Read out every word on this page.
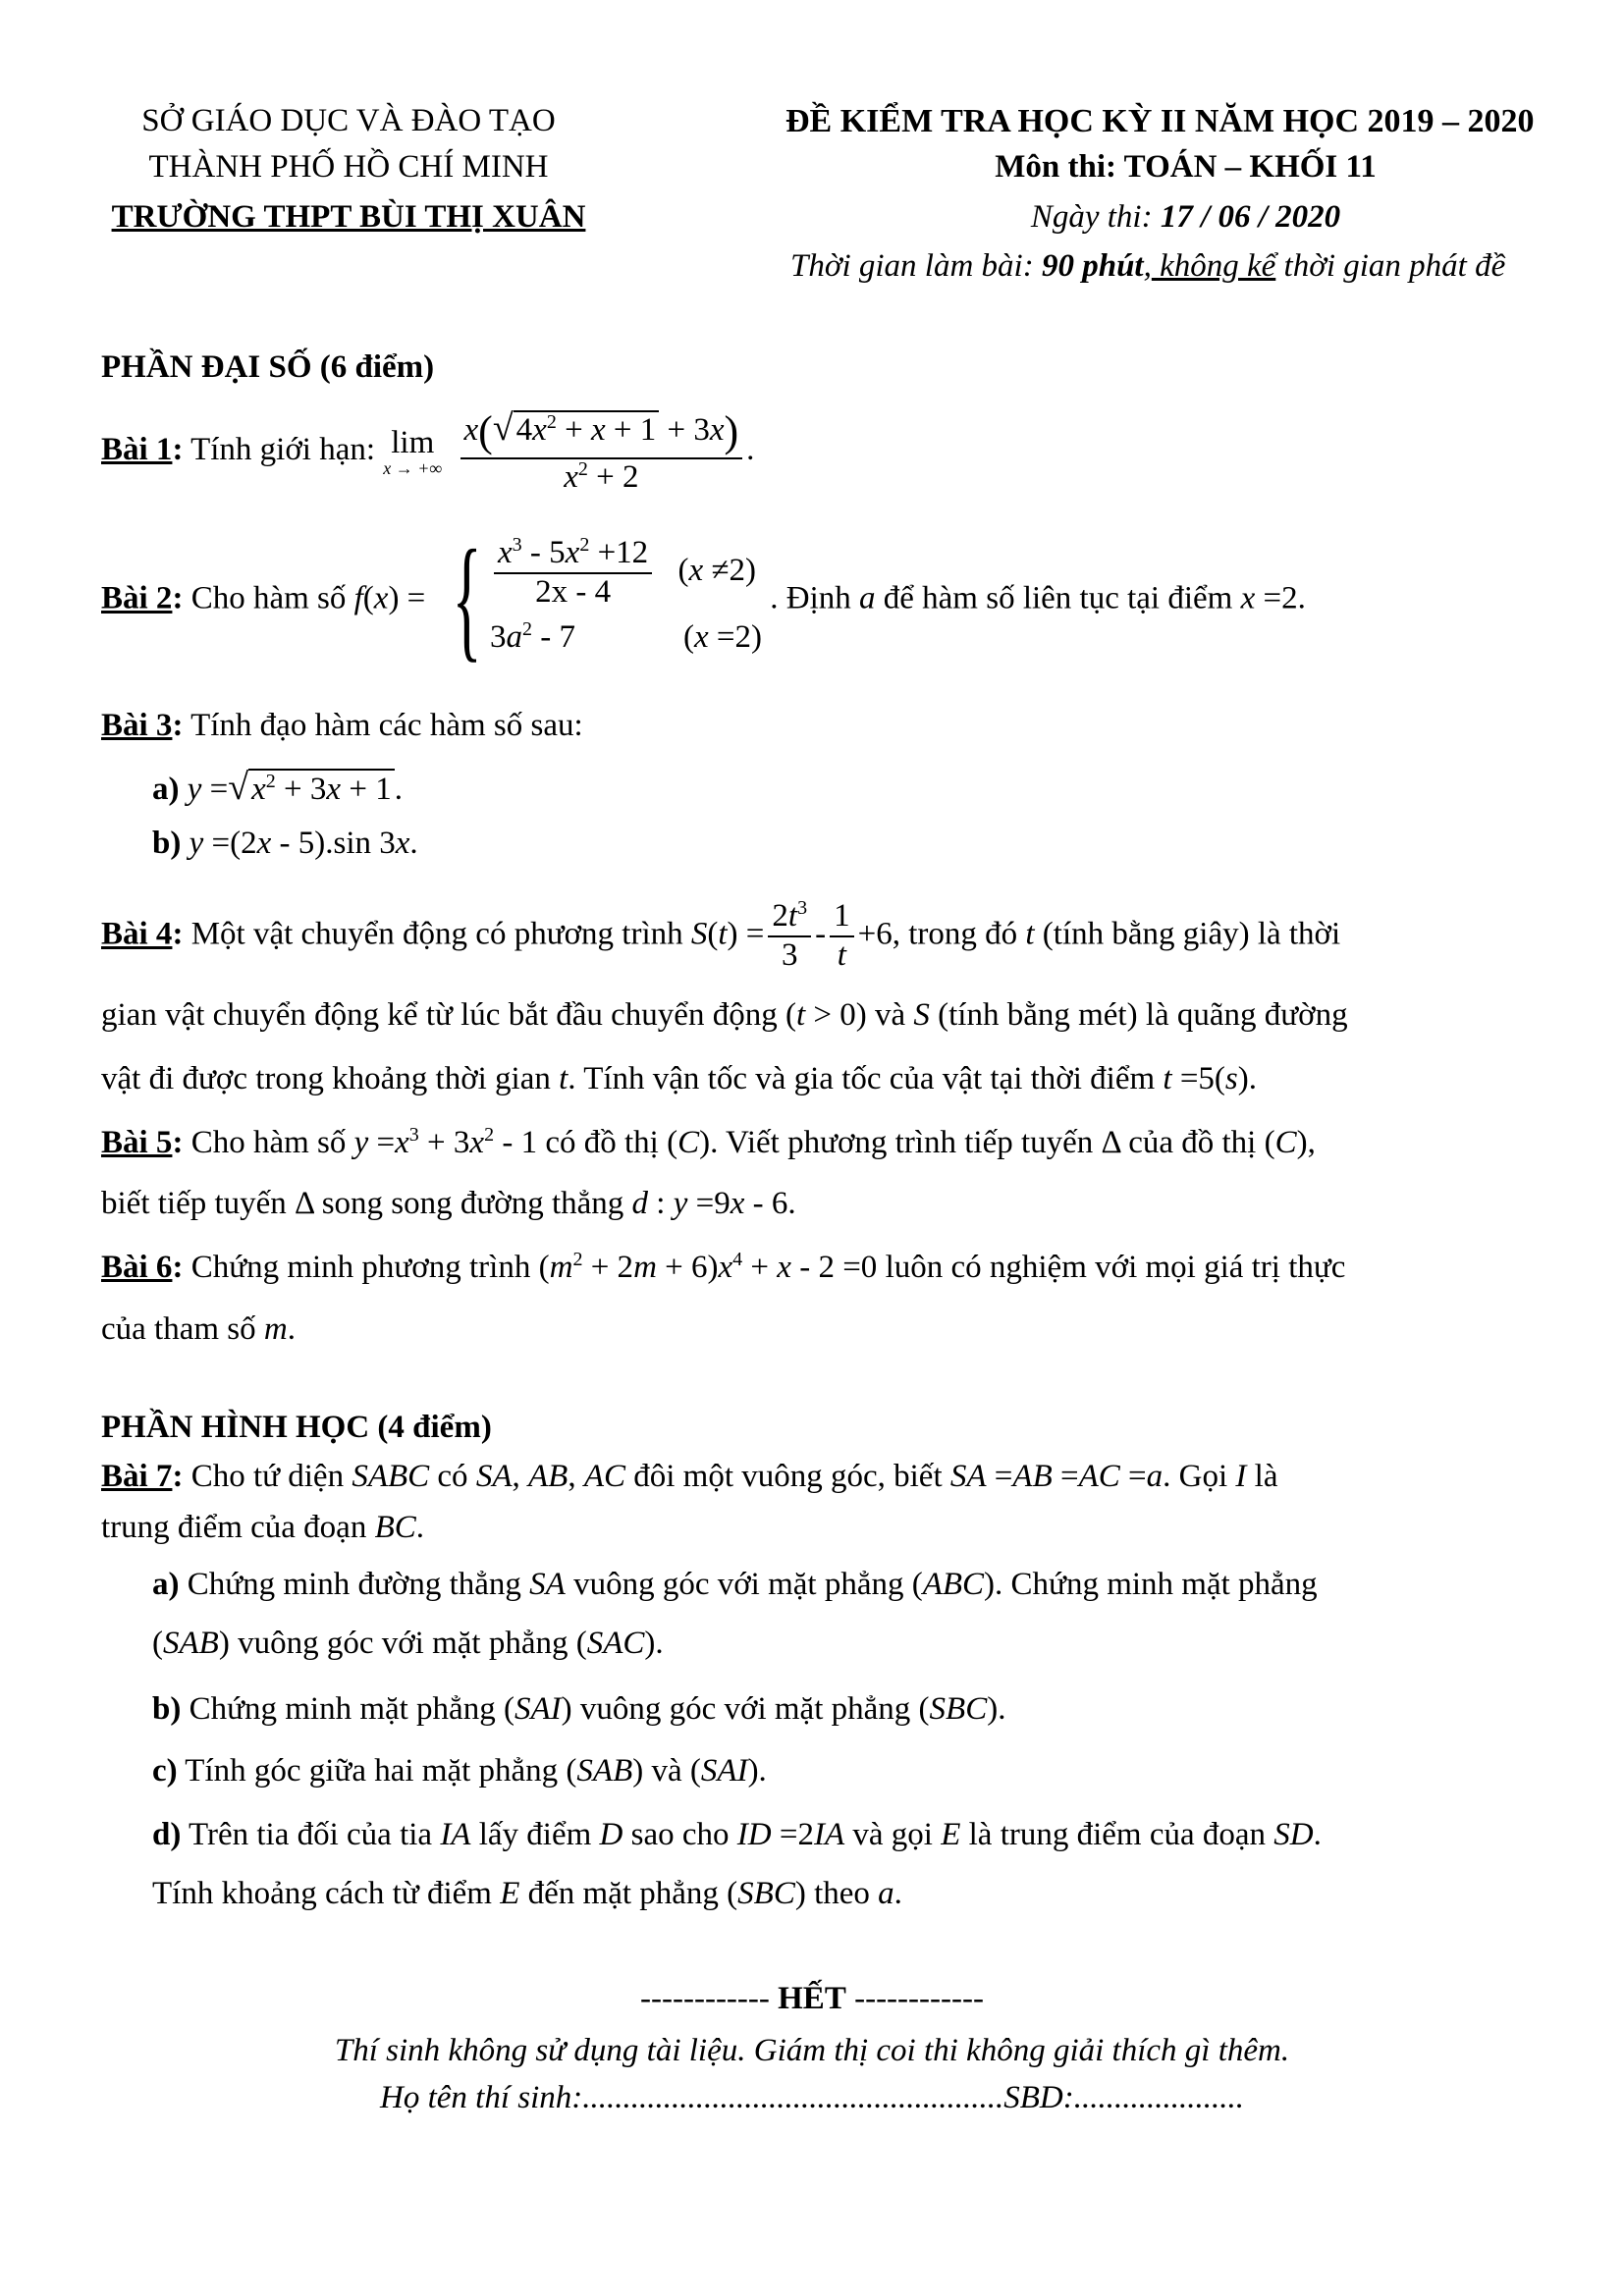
SỞ GIÁO DỤC VÀ ĐÀO TẠO
THÀNH PHỐ HỒ CHÍ MINH
TRƯỜNG THPT BÙI THỊ XUÂN
ĐỀ KIỂM TRA HỌC KỲ II NĂM HỌC 2019 – 2020
Môn thi: TOÁN – KHỐI 11
Ngày thi: 17 / 06 / 2020
Thời gian làm bài: 90 phút, không kể thời gian phát đề
PHẦN ĐẠI SỐ (6 điểm)
Bài 1: Tính giới hạn: lim
x → +∞
$\frac{x(√4x^2 + x + 1 + 3x)}{x^2 + 2}$ .
Bài 2: Cho hàm số f(x) = { $\frac{x^3 - 5x^2 +12}{2x - 4} (x \ne 2)$
$3a^2 - 7$	(x =2)
. Định a để hàm số liên tục tại điểm x =2.
Bài 3: Tính đạo hàm các hàm số sau:
a) $y =√x^2 + 3x + 1$.
b) y =(2x - 5).sin 3x.
Bài 4: Một vật chuyển động có phương trình $S(t) = \frac{2t^3}{3} - \frac{1}{t} +6$, trong đó t (tính bằng giây) là thời
gian vật chuyển động kể từ lúc bắt đầu chuyển động (t > 0) và S (tính bằng mét) là quãng đường
vật đi được trong khoảng thời gian t. Tính vận tốc và gia tốc của vật tại thời điểm t =5(s).
Bài 5: Cho hàm số $y =x^3 + 3x^2 - 1$ có đồ thị (C). Viết phương trình tiếp tuyến Δ của đồ thị (C),
biết tiếp tuyến Δ song song đường thẳng d : y =9x - 6.
Bài 6: Chứng minh phương trình $(m^2 + 2m + 6)x^4 + x - 2 =0$ luôn có nghiệm với mọi giá trị thực
của tham số m.
PHẦN HÌNH HỌC (4 điểm)
Bài 7: Cho tứ diện SABC có SA, AB, AC đôi một vuông góc, biết SA =AB =AC =a. Gọi I là
trung điểm của đoạn BC.
a) Chứng minh đường thẳng SA vuông góc với mặt phẳng (ABC). Chứng minh mặt phẳng
(SAB) vuông góc với mặt phẳng (SAC).
b) Chứng minh mặt phẳng (SAI) vuông góc với mặt phẳng (SBC).
c) Tính góc giữa hai mặt phẳng (SAB) và (SAI).
d) Trên tia đối của tia IA lấy điểm D sao cho ID =2IA và gọi E là trung điểm của đoạn SD.
Tính khoảng cách từ điểm E đến mặt phẳng (SBC) theo a.
------------ HẾT ------------
Thí sinh không sử dụng tài liệu. Giám thị coi thi không giải thích gì thêm.
Họ tên thí sinh:....................................................SBD:.....................
